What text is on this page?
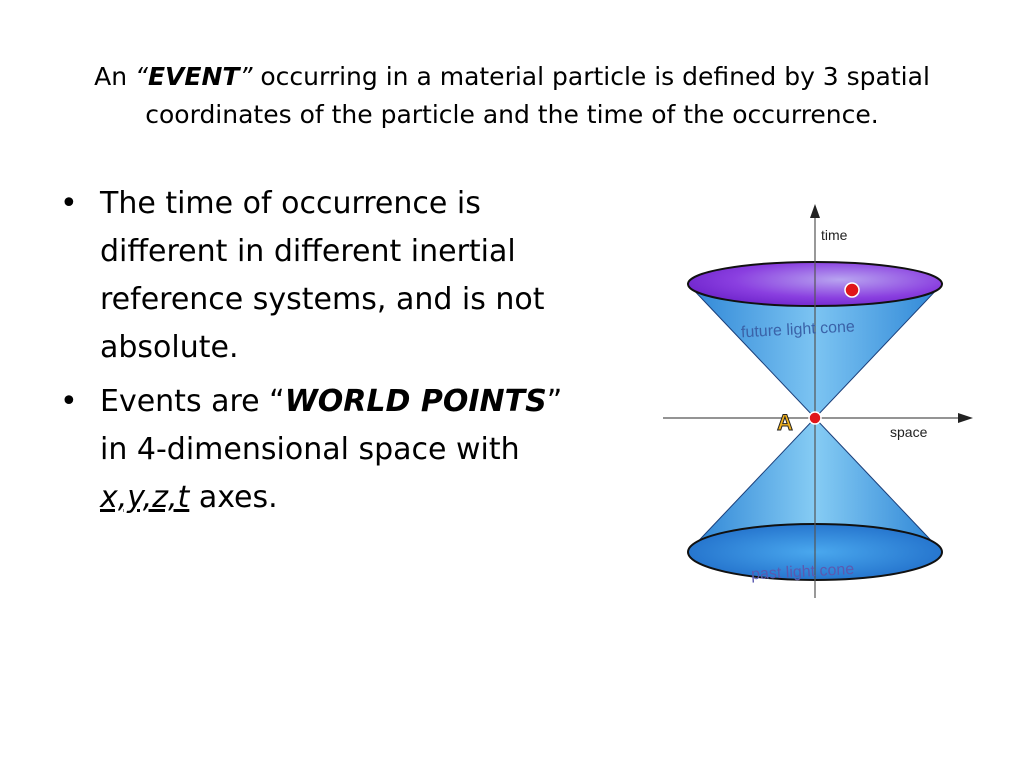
An “EVENT” occurring in a material particle is defined by 3 spatial
coordinates of the particle and the time of the occurrence.
• The time of occurrence is different in different inertial reference systems, and is not absolute.
• Events are “WORLD POINTS” in 4-dimensional space with x,y,z,t axes.
time
space
future light cone
past light cone
A
